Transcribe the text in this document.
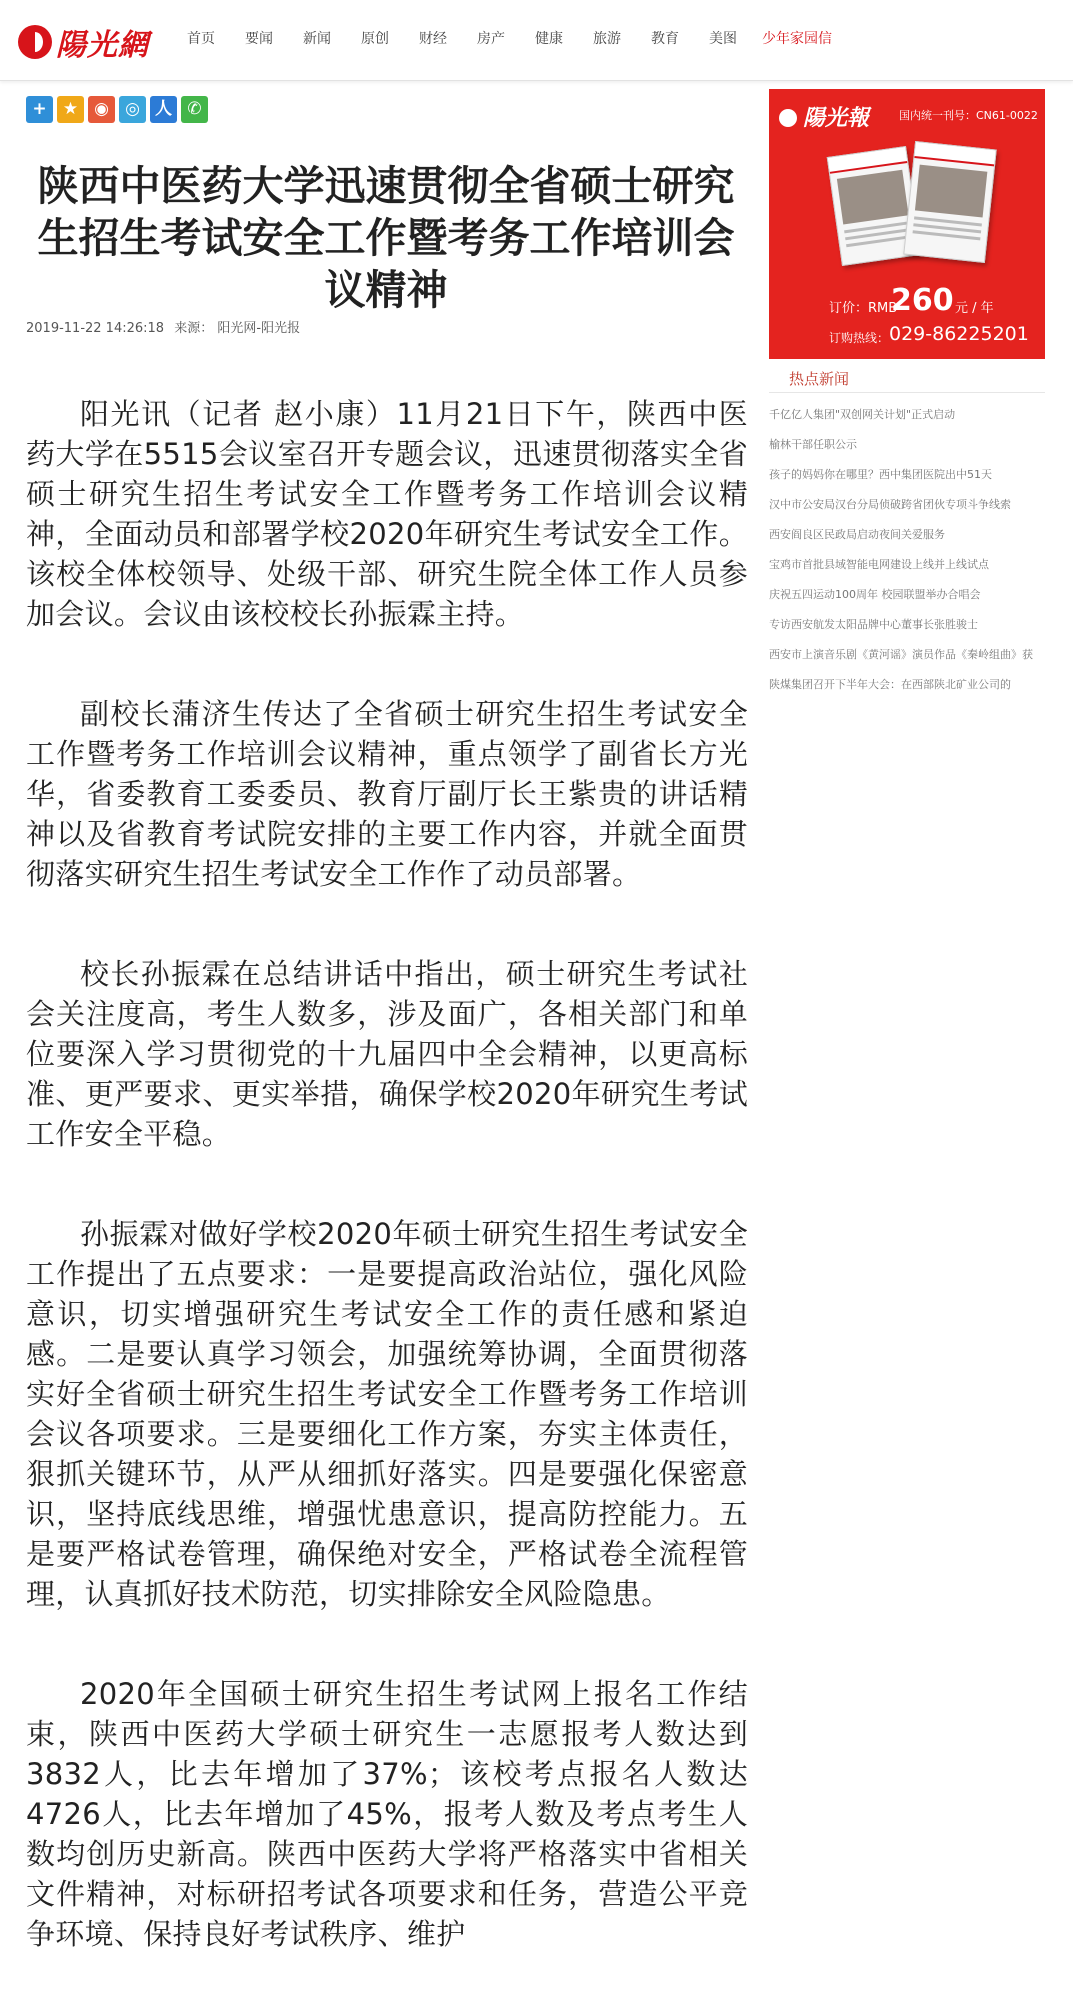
陽光網	首页	要闻	新闻	原创	财经	房产	健康	旅游	教育	美图	少年家园信
+ ★ ◉ ◎ 人 ✆
陕西中医药大学迅速贯彻全省硕士研究生招生考试安全工作暨考务工作培训会议精神
2019-11-22 14:26:18 来源： 阳光网-阳光报

阳光讯（记者 赵小康）11月21日下午，陕西中医药大学在5515会议室召开专题会议，迅速贯彻落实全省硕士研究生招生考试安全工作暨考务工作培训会议精神，全面动员和部署学校2020年研究生考试安全工作。该校全体校领导、处级干部、研究生院全体工作人员参加会议。会议由该校校长孙振霖主持。

副校长蒲济生传达了全省硕士研究生招生考试安全工作暨考务工作培训会议精神，重点领学了副省长方光华，省委教育工委委员、教育厅副厅长王紫贵的讲话精神以及省教育考试院安排的主要工作内容，并就全面贯彻落实研究生招生考试安全工作作了动员部署。

校长孙振霖在总结讲话中指出，硕士研究生考试社会关注度高，考生人数多，涉及面广，各相关部门和单位要深入学习贯彻党的十九届四中全会精神，以更高标准、更严要求、更实举措，确保学校2020年研究生考试工作安全平稳。

孙振霖对做好学校2020年硕士研究生招生考试安全工作提出了五点要求：一是要提高政治站位，强化风险意识，切实增强研究生考试安全工作的责任感和紧迫感。二是要认真学习领会，加强统筹协调，全面贯彻落实好全省硕士研究生招生考试安全工作暨考务工作培训会议各项要求。三是要细化工作方案，夯实主体责任，狠抓关键环节，从严从细抓好落实。四是要强化保密意识，坚持底线思维，增强忧患意识，提高防控能力。五是要严格试卷管理，确保绝对安全，严格试卷全流程管理，认真抓好技术防范，切实排除安全风险隐患。

2020年全国硕士研究生招生考试网上报名工作结束，陕西中医药大学硕士研究生一志愿报考人数达到3832人，比去年增加了37%；该校考点报名人数达4726人，比去年增加了45%，报考人数及考点考生人数均创历史新高。陕西中医药大学将严格落实中省相关文件精神，对标研招考试各项要求和任务，营造公平竞争环境、保持良好考试秩序、维护

陽光報	国内统一刊号：CN61-0022
订价：RMB
260 元 / 年
订购热线： 029-86225201
热点新闻
千亿亿人集团"双创网关计划"正式启动
榆林干部任职公示
孩子的妈妈你在哪里？西中集团医院出中51天
汉中市公安局汉台分局侦破跨省团伙专项斗争线索
西安阎良区民政局启动夜间关爱服务
宝鸡市首批县域智能电网建设上线并上线试点
庆祝五四运动100周年 校园联盟举办合唱会
专访西安航发太阳品牌中心董事长张胜骏士
西安市上演音乐剧《黄河谣》演员作品《秦岭组曲》获
陕煤集团召开下半年大会：在西部陕北矿业公司的
